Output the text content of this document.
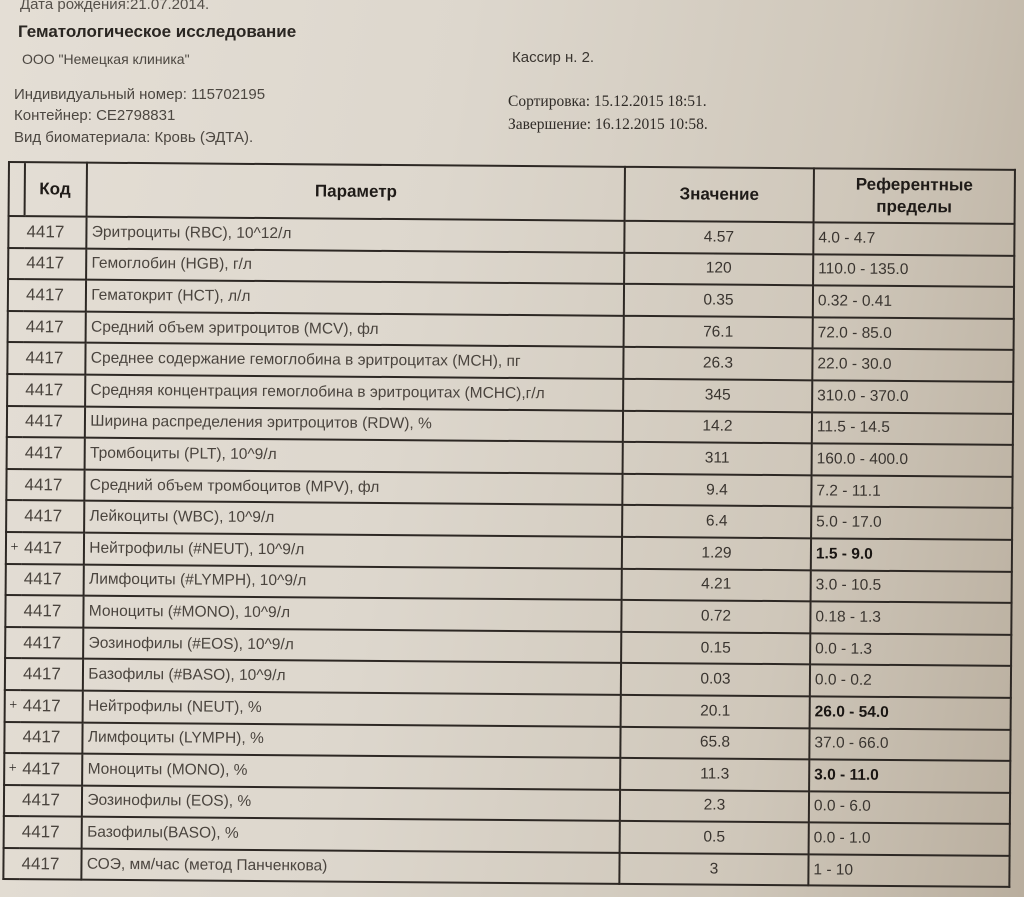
Дата рождения:21.07.2014.
Гематологическое исследование
ООО "Немецкая клиника"	Кассир н. 2.
Индивидуальный номер: 115702195
Контейнер: CE2798831
Вид биоматериала: Кровь (ЭДТА).
Сортировка: 15.12.2015 18:51.
Завершение: 16.12.2015 10:58.
	Код	Параметр	Значение	Референтные
пределы

	4417	Эритроциты (RBC), 10^12/л	4.57	4.0 - 4.7
	4417	Гемоглобин (HGB), г/л	120	110.0 - 135.0
	4417	Гематокрит (HCT), л/л	0.35	0.32 - 0.41
	4417	Средний объем эритроцитов (MCV), фл	76.1	72.0 - 85.0
	4417	Среднее содержание гемоглобина в эритроцитах (MCH), пг	26.3	22.0 - 30.0
	4417	Средняя концентрация гемоглобина в эритроцитах (MCHC),г/л	345	310.0 - 370.0
	4417	Ширина распределения эритроцитов (RDW), %	14.2	11.5 - 14.5
	4417	Тромбоциты (PLT), 10^9/л	311	160.0 - 400.0
	4417	Средний объем тромбоцитов (MPV), фл	9.4	7.2 - 11.1
	4417	Лейкоциты (WBC), 10^9/л	6.4	5.0 - 17.0
+	4417	Нейтрофилы (#NEUT), 10^9/л	1.29	1.5 - 9.0
	4417	Лимфоциты (#LYMPH), 10^9/л	4.21	3.0 - 10.5
	4417	Моноциты (#MONO), 10^9/л	0.72	0.18 - 1.3
	4417	Эозинофилы (#EOS), 10^9/л	0.15	0.0 - 1.3
	4417	Базофилы (#BASO), 10^9/л	0.03	0.0 - 0.2
+	4417	Нейтрофилы (NEUT), %	20.1	26.0 - 54.0
	4417	Лимфоциты (LYMPH), %	65.8	37.0 - 66.0
+	4417	Моноциты (MONO), %	11.3	3.0 - 11.0
	4417	Эозинофилы (EOS), %	2.3	0.0 - 6.0
	4417	Базофилы(BASO), %	0.5	0.0 - 1.0
	4417	СОЭ, мм/час (метод Панченкова)	3	1 - 10
